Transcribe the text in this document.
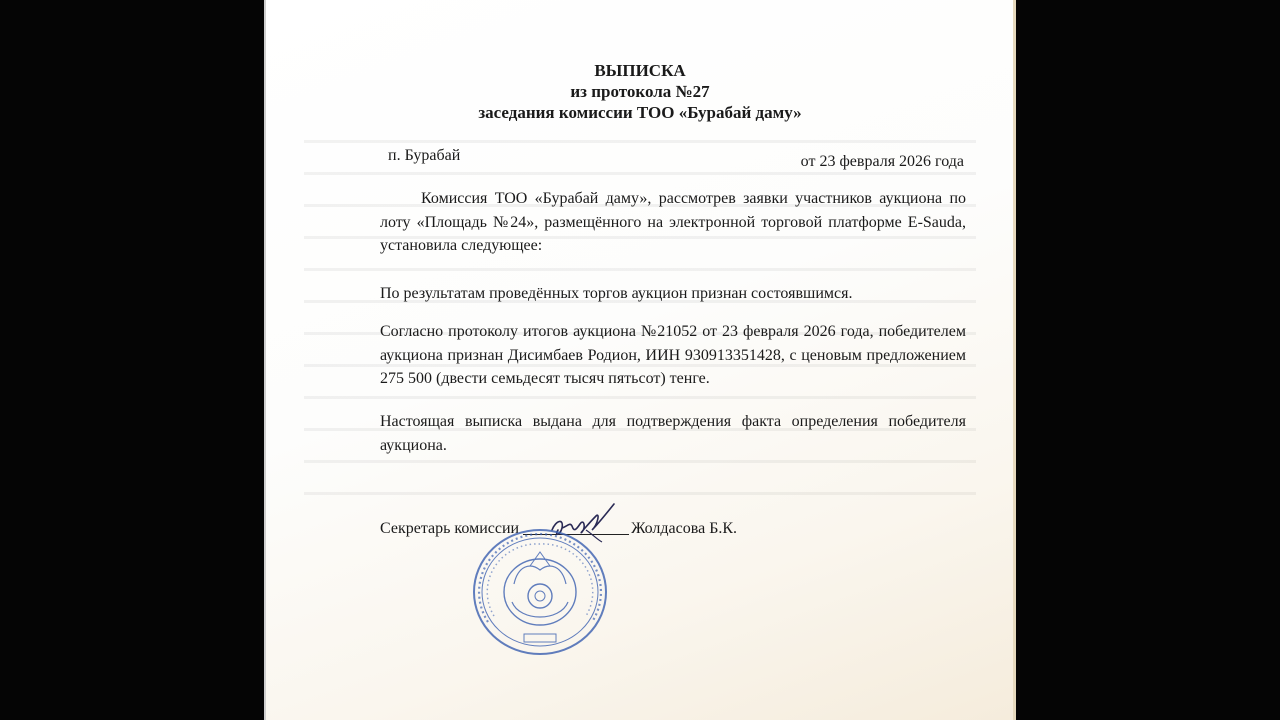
ВЫПИСКА
из протокола №27
заседания комиссии ТОО «Бурабай даму»
п. Бурабай	от 23 февраля 2026 года
Комиссия ТОО «Бурабай даму», рассмотрев заявки участников аукциона по лоту «Площадь №24», размещённого на электронной торговой платформе E-Sauda, установила следующее:
По результатам проведённых торгов аукцион признан состоявшимся.
Согласно протоколу итогов аукциона №21052 от 23 февраля 2026 года, победителем аукциона признан Дисимбаев Родион, ИИН 930913351428, с ценовым предложением 275 500 (двести семьдесят тысяч пятьсот) тенге.
Настоящая выписка выдана для подтверждения факта определения победителя аукциона.
Секретарь комиссии	Жолдасова Б.К.
